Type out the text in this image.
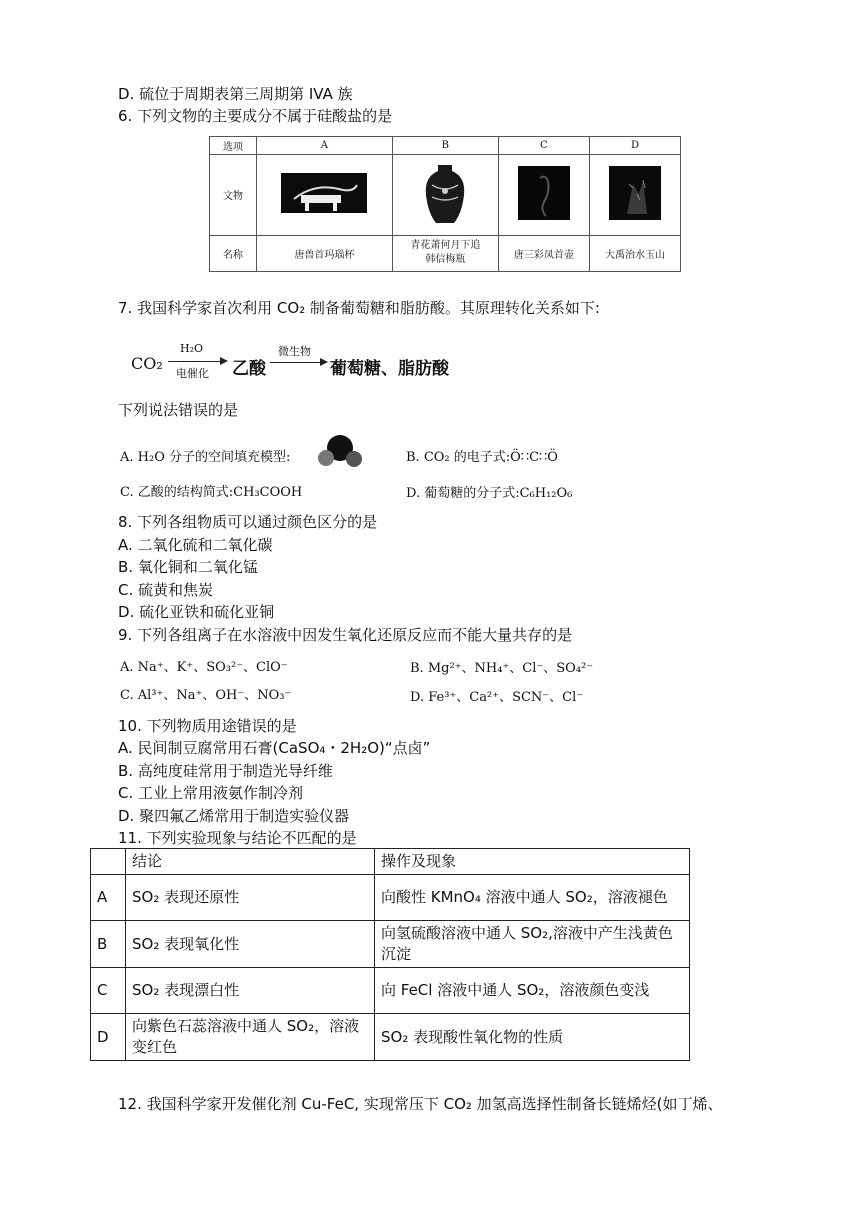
D. 硫位于周期表第三周期第 IVA 族
6. 下列文物的主要成分不属于硅酸盐的是
选项	A	B	C	D
文物				
名称	唐兽首玛瑙杯	青花萧何月下追韩信梅瓶	唐三彩凤首壶	大禹治水玉山
7. 我国科学家首次利用 CO₂ 制备葡萄糖和脂肪酸。其原理转化关系如下:
CO₂
H₂O
电催化 乙酸
微生物
→ 葡萄糖、脂肪酸
下列说法错误的是
A. H₂O 分子的空间填充模型:	B. CO₂ 的电子式:Ö∷C∷Ö
C. 乙酸的结构简式:CH₃COOH	D. 葡萄糖的分子式:C₆H₁₂O₆
8. 下列各组物质可以通过颜色区分的是
A. 二氧化硫和二氧化碳
B. 氧化铜和二氧化锰
C. 硫黄和焦炭
D. 硫化亚铁和硫化亚铜
9. 下列各组离子在水溶液中因发生氧化还原反应而不能大量共存的是
A. Na⁺、K⁺、SO₃²⁻、ClO⁻	B. Mg²⁺、NH₄⁺、Cl⁻、SO₄²⁻
C. Al³⁺、Na⁺、OH⁻、NO₃⁻	D. Fe³⁺、Ca²⁺、SCN⁻、Cl⁻
10. 下列物质用途错误的是
A. 民间制豆腐常用石膏(CaSO₄・2H₂O)“点卤”
B. 高纯度硅常用于制造光导纤维
C. 工业上常用液氨作制冷剂
D. 聚四氟乙烯常用于制造实验仪器
11. 下列实验现象与结论不匹配的是
	结论	操作及现象
A	SO₂ 表现还原性	向酸性 KMnO₄ 溶液中通人 SO₂，溶液褪色
B	SO₂ 表现氧化性	向氢硫酸溶液中通人 SO₂,溶液中产生浅黄色沉淀
C	SO₂ 表现漂白性	向 FeCl 溶液中通人 SO₂，溶液颜色变浅
D	向紫色石蕊溶液中通人 SO₂，溶液变红色	SO₂ 表现酸性氧化物的性质
12. 我国科学家开发催化剂 Cu-FeC, 实现常压下 CO₂ 加氢高选择性制备长链烯烃(如丁烯、
